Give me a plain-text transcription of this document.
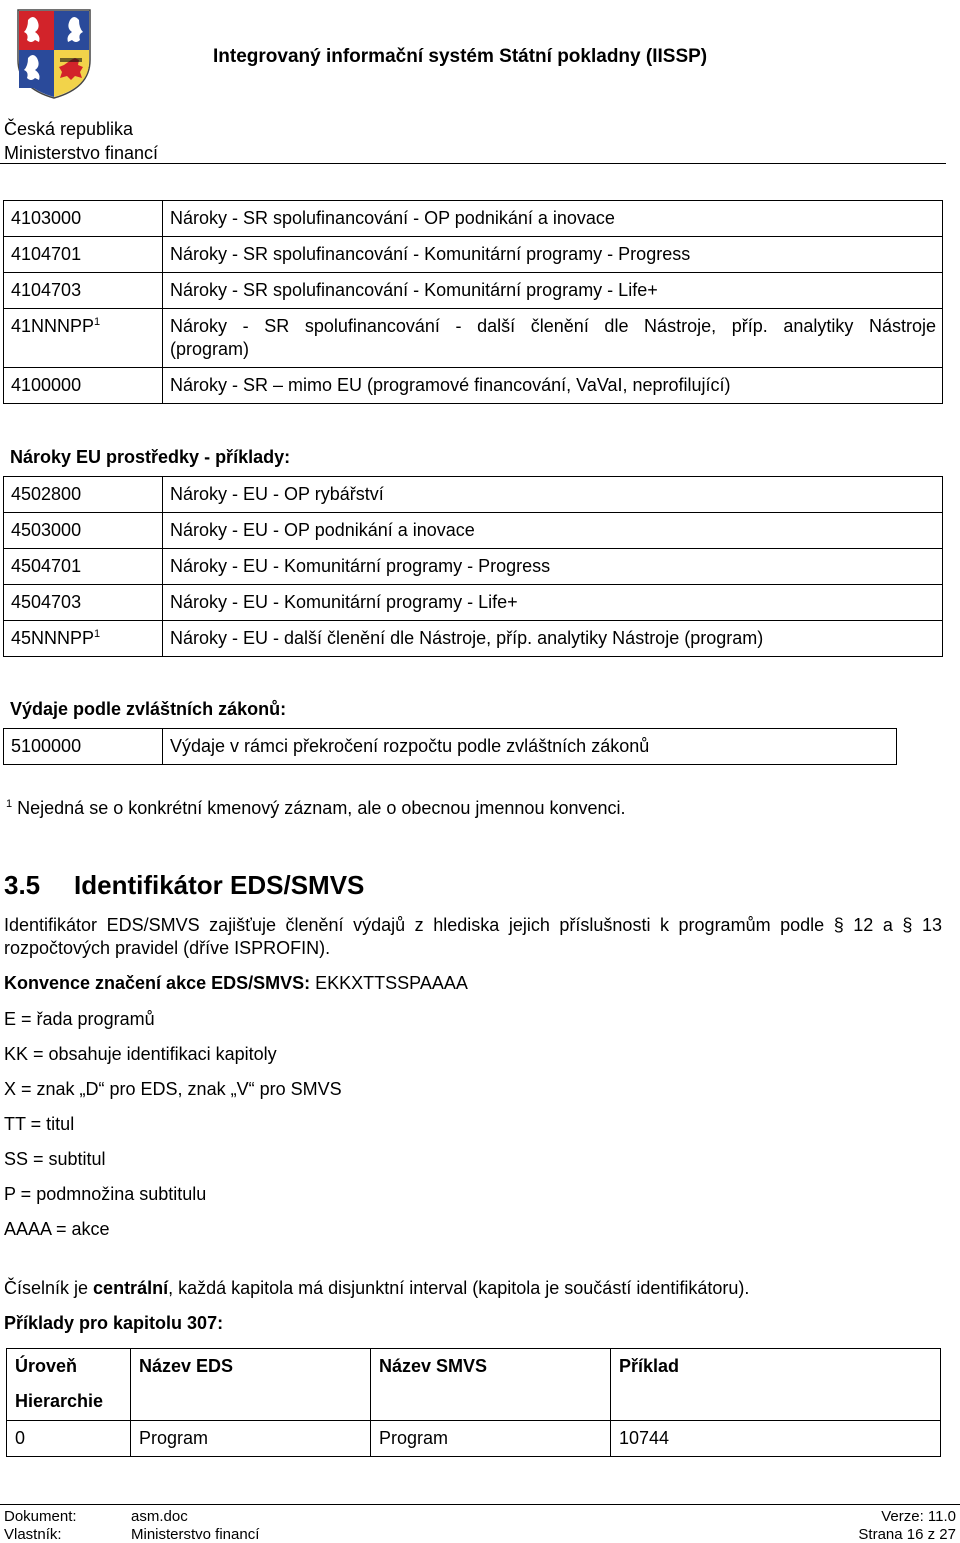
Integrovaný informační systém Státní pokladny (IISSP)
Česká republika
Ministerstvo financí
4103000	Nároky - SR spolufinancování - OP podnikání a inovace
4104701	Nároky - SR spolufinancování - Komunitární programy - Progress
4104703	Nároky - SR spolufinancování - Komunitární programy - Life+
$41NNNPP^1$	Nároky - SR spolufinancování - další členění dle Nástroje, příp. analytiky Nástroje
(program)
4100000	Nároky - SR – mimo EU (programové financování, VaVaI, neprofilující)
Nároky EU prostředky - příklady:
4502800	Nároky - EU - OP rybářství
4503000	Nároky - EU - OP podnikání a inovace
4504701	Nároky - EU - Komunitární programy - Progress
4504703	Nároky - EU - Komunitární programy - Life+
$45NNNPP^1$	Nároky - EU - další členění dle Nástroje, příp. analytiky Nástroje (program)
Výdaje podle zvláštních zákonů:
5100000	Výdaje v rámci překročení rozpočtu podle zvláštních zákonů
$^1$ Nejedná se o konkrétní kmenový záznam, ale o obecnou jmennou konvenci.
3.5 Identifikátor EDS/SMVS
Identifikátor EDS/SMVS zajišťuje členění výdajů z hlediska jejich příslušnosti k programům podle § 12 a § 13 rozpočtových pravidel (dříve ISPROFIN).
Konvence značení akce EDS/SMVS: EKKXTTSSPAAAA
E = řada programů
KK = obsahuje identifikaci kapitoly
X = znak „D“ pro EDS, znak „V“ pro SMVS
TT = titul
SS = subtitul
P = podmnožina subtitulu
AAAA = akce
Číselník je centrální, každá kapitola má disjunktní interval (kapitola je součástí identifikátoru).
Příklady pro kapitolu 307:
Úroveň
Hierarchie	Název EDS	Název SMVS	Příklad
0	Program	Program	10744
Dokument:	asm.doc	Verze: 11.0
Vlastník:	Ministerstvo financí	Strana 16 z 27
